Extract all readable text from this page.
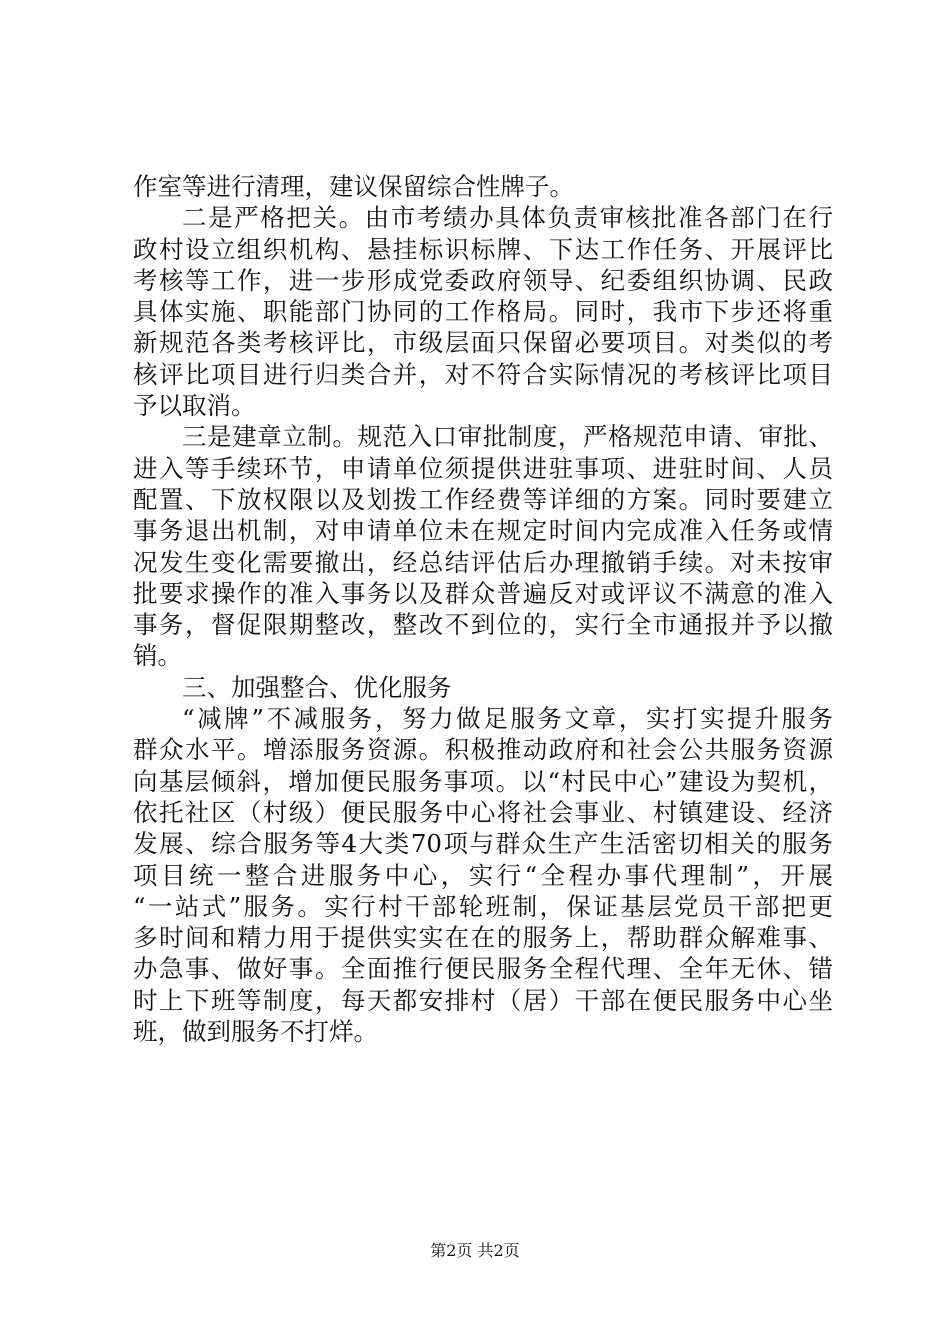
作室等进行清理，建议保留综合性牌子。
二是严格把关。由市考绩办具体负责审核批准各部门在行
政村设立组织机构、悬挂标识标牌、下达工作任务、开展评比
考核等工作，进一步形成党委政府领导、纪委组织协调、民政
具体实施、职能部门协同的工作格局。同时，我市下步还将重
新规范各类考核评比，市级层面只保留必要项目。对类似的考
核评比项目进行归类合并，对不符合实际情况的考核评比项目
予以取消。
三是建章立制。规范入口审批制度，严格规范申请、审批、
进入等手续环节，申请单位须提供进驻事项、进驻时间、人员
配置、下放权限以及划拨工作经费等详细的方案。同时要建立
事务退出机制，对申请单位未在规定时间内完成准入任务或情
况发生变化需要撤出，经总结评估后办理撤销手续。对未按审
批要求操作的准入事务以及群众普遍反对或评议不满意的准入
事务，督促限期整改，整改不到位的，实行全市通报并予以撤
销。
三、加强整合、优化服务
“减牌”不减服务，努力做足服务文章，实打实提升服务
群众水平。增添服务资源。积极推动政府和社会公共服务资源
向基层倾斜，增加便民服务事项。以“村民中心”建设为契机，
依托社区（村级）便民服务中心将社会事业、村镇建设、经济
发展、综合服务等4大类70项与群众生产生活密切相关的服务
项目统一整合进服务中心，实行“全程办事代理制”，开展
“一站式”服务。实行村干部轮班制，保证基层党员干部把更
多时间和精力用于提供实实在在的服务上，帮助群众解难事、
办急事、做好事。全面推行便民服务全程代理、全年无休、错
时上下班等制度，每天都安排村（居）干部在便民服务中心坐
班，做到服务不打烊。
第2页 共2页
